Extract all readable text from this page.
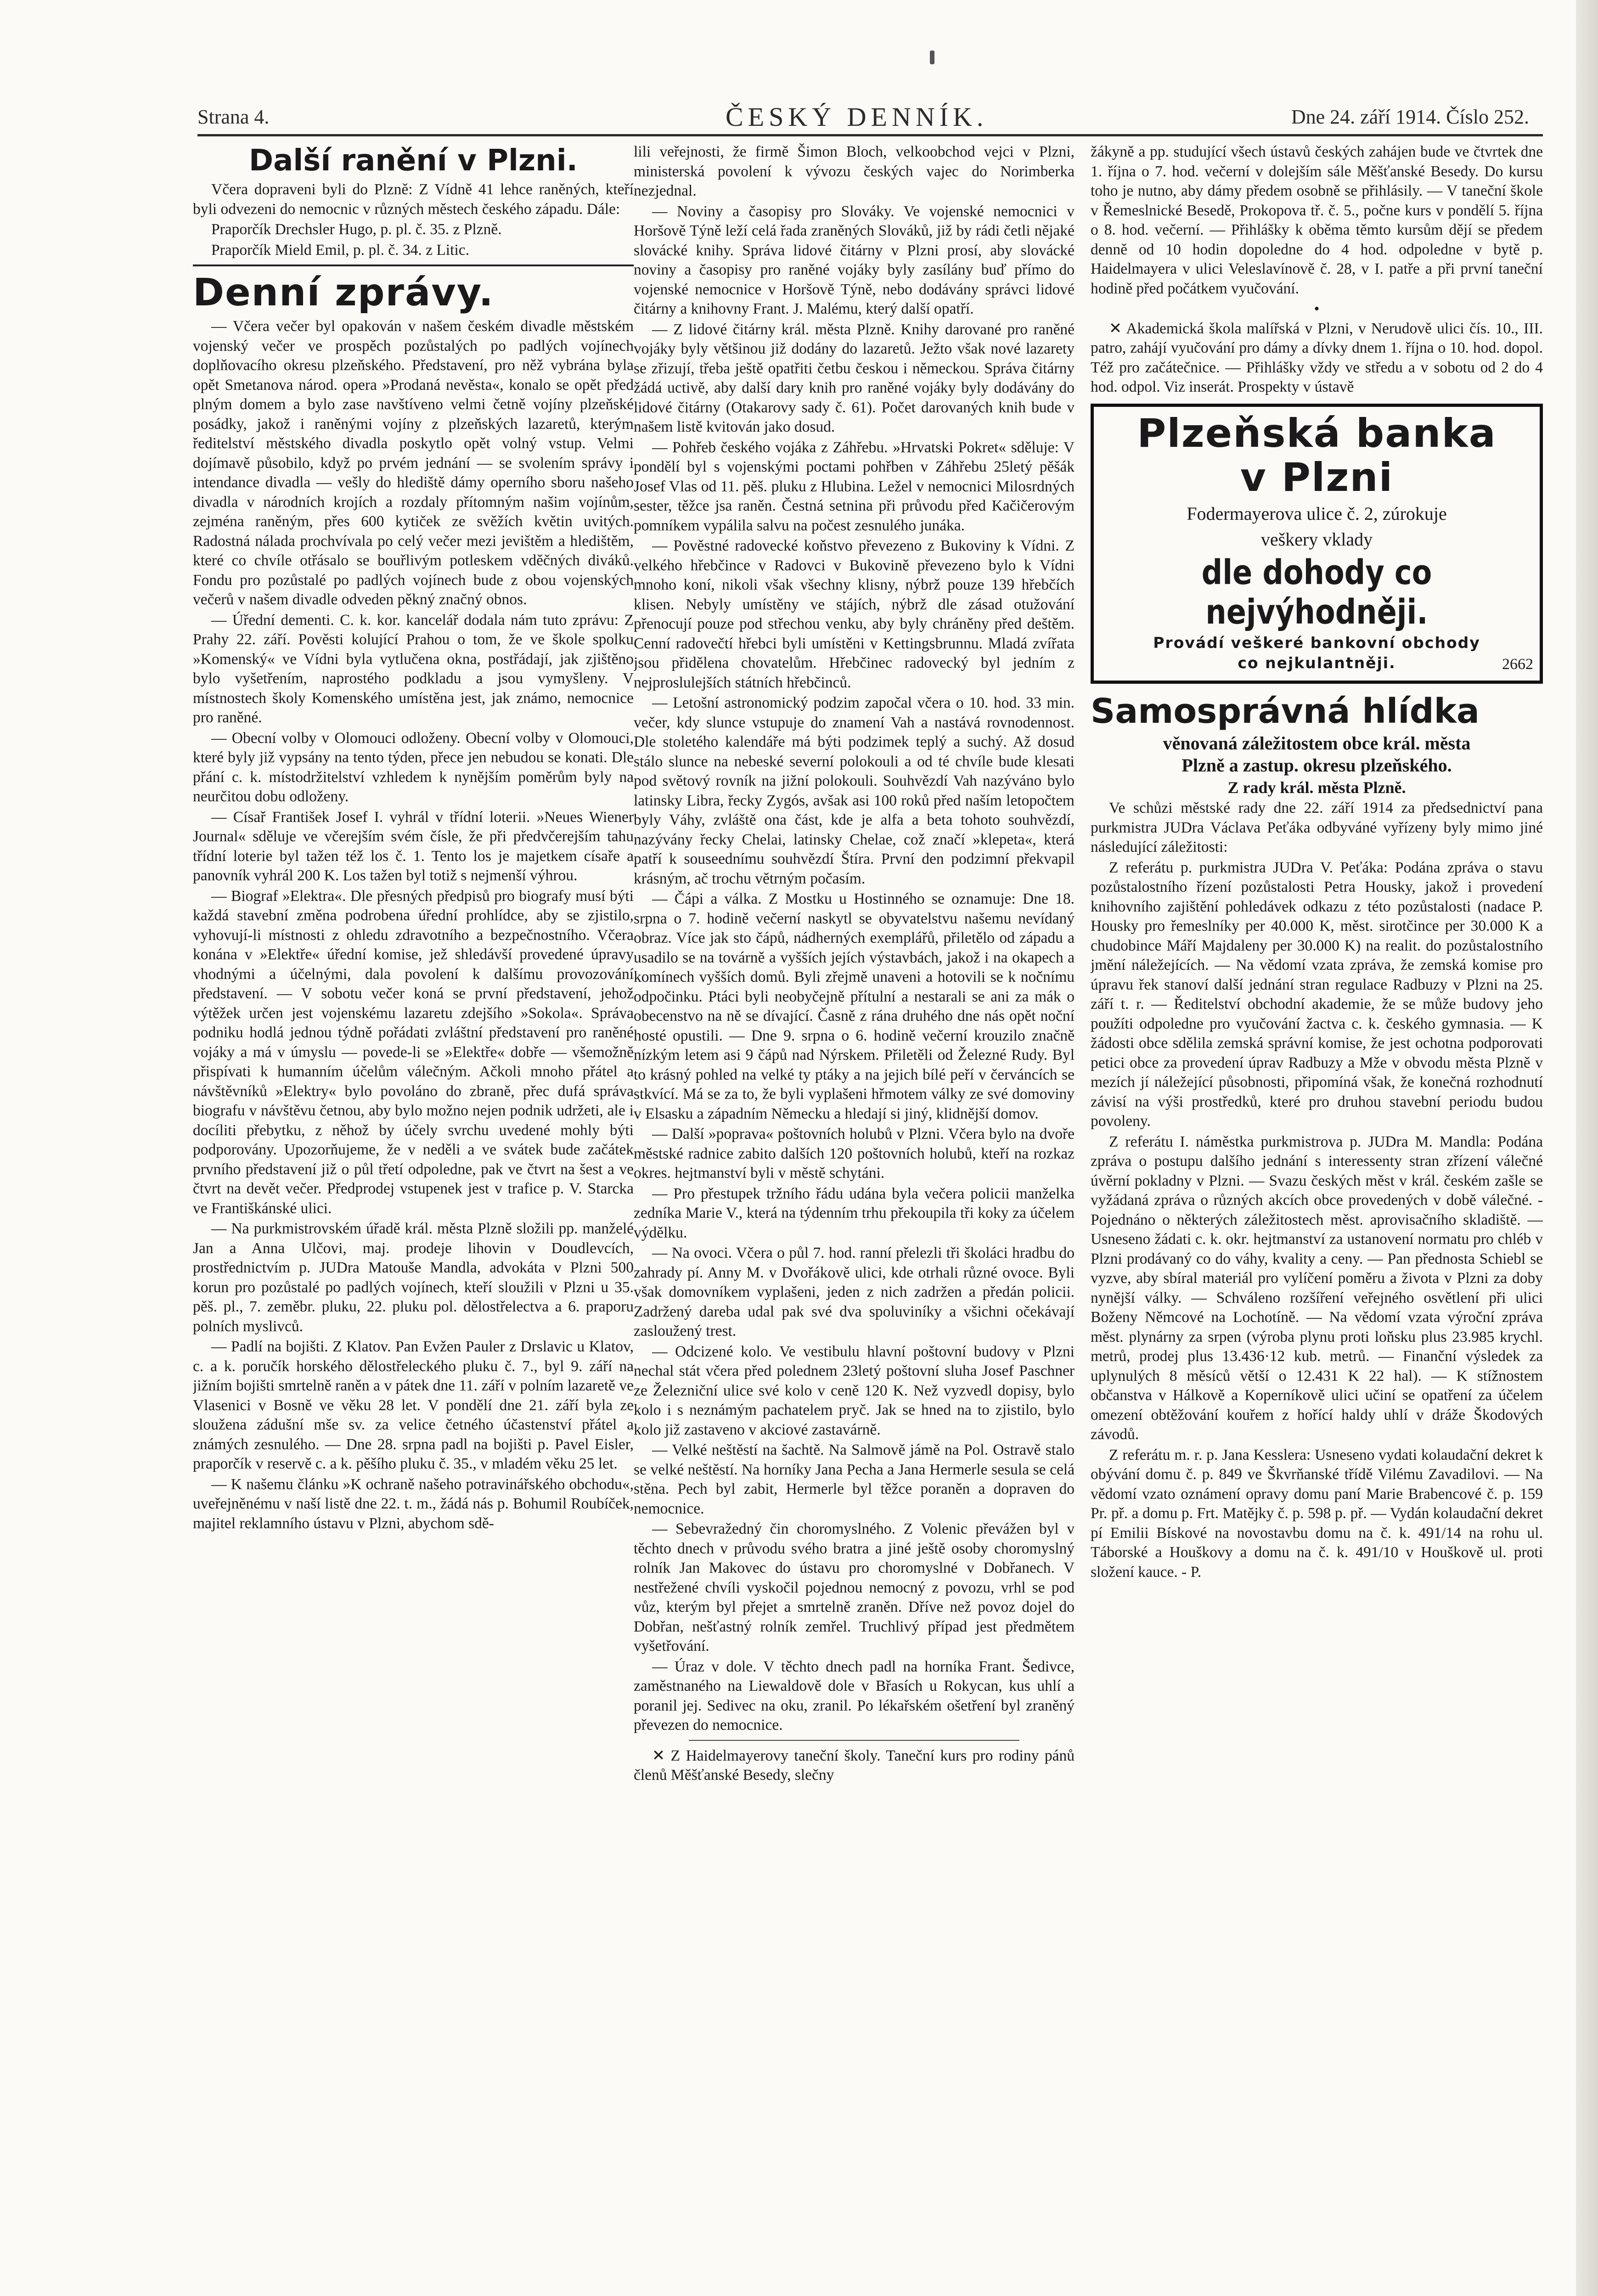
Strana 4.	ČESKÝ DENNÍK.	Dne 24. září 1914. Číslo 252.
Další ranění v Plzni.

Včera dopraveni byli do Plzně: Z Vídně 41 lehce raněných, kteří byli odvezeni do nemocnic v různých městech českého západu. Dále:

Praporčík Drechsler Hugo, p. pl. č. 35. z Plzně.

Praporčík Mield Emil, p. pl. č. 34. z Litic.

Denní zprávy.

— Včera večer byl opakován v našem českém divadle městském vojenský večer ve prospěch pozůstalých po padlých vojínech doplňovacího okresu plzeňského. Představení, pro něž vybrána byla opět Smetanova národ. opera »Prodaná nevěsta«, konalo se opět před plným domem a bylo zase navštíveno velmi četně vojíny plzeňské posádky, jakož i raněnými vojíny z plzeňských lazaretů, kterým ředitelství městského divadla poskytlo opět volný vstup. Velmi dojímavě působilo, když po prvém jednání — se svolením správy i intendance divadla — vešly do hlediště dámy operního sboru našeho divadla v národních krojích a rozdaly přítomným našim vojínům, zejména raněným, přes 600 kytiček ze svěžích květin uvitých. Radostná nálada prochvívala po celý večer mezi jevištěm a hledištěm, které co chvíle otřásalo se bouřlivým potleskem vděčných diváků. Fondu pro pozůstalé po padlých vojínech bude z obou vojenských večerů v našem divadle odveden pěkný značný obnos.

— Úřední dementi. C. k. kor. kancelář dodala nám tuto zprávu: Z Prahy 22. září. Pověsti kolující Prahou o tom, že ve škole spolku »Komenský« ve Vídni byla vytlučena okna, postřádají, jak zjištěno bylo vyšetřením, naprostého podkladu a jsou vymyšleny. V místnostech školy Komenského umístěna jest, jak známo, nemocnice pro raněné.

— Obecní volby v Olomouci odloženy. Obecní volby v Olomouci, které byly již vypsány na tento týden, přece jen nebudou se konati. Dle přání c. k. místodržitelství vzhledem k nynějším poměrům byly na neurčitou dobu odloženy.

— Císař František Josef I. vyhrál v třídní loterii. »Neues Wiener Journal« sděluje ve včerejším svém čísle, že při předvčerejším tahu třídní loterie byl tažen též los č. 1. Tento los je majetkem císaře a panovník vyhrál 200 K. Los tažen byl totiž s nejmenší výhrou.

— Biograf »Elektra«. Dle přesných předpisů pro biografy musí býti každá stavební změna podrobena úřední prohlídce, aby se zjistilo, vyhovují-li místnosti z ohledu zdravotního a bezpečnostního. Včera konána v »Elektře« úřední komise, jež shledávší provedené úpravy vhodnými a účelnými, dala povolení k dalšímu provozování představení. — V sobotu večer koná se první představení, jehož výtěžek určen jest vojenskému lazaretu zdejšího »Sokola«. Správa podniku hodlá jednou týdně pořádati zvláštní představení pro raněné vojáky a má v úmyslu — povede-li se »Elektře« dobře — všemožně přispívati k humanním účelům válečným. Ačkoli mnoho přátel a návštěvníků »Elektry« bylo povoláno do zbraně, přec dufá správa biografu v návštěvu četnou, aby bylo možno nejen podnik udržeti, ale i docíliti přebytku, z něhož by účely svrchu uvedené mohly býti podporovány. Upozorňujeme, že v neděli a ve svátek bude začátek prvního představení již o půl třetí odpoledne, pak ve čtvrt na šest a ve čtvrt na devět večer. Předprodej vstupenek jest v trafice p. V. Starcka ve Františkánské ulici.

— Na purkmistrovském úřadě král. města Plzně složili pp. manželé Jan a Anna Ulčovi, maj. prodeje lihovin v Doudlevcích, prostřednictvím p. JUDra Matouše Mandla, advokáta v Plzni 500 korun pro pozůstalé po padlých vojínech, kteří sloužili v Plzni u 35. pěš. pl., 7. zeměbr. pluku, 22. pluku pol. dělostřelectva a 6. praporu polních myslivců.

— Padlí na bojišti. Z Klatov. Pan Evžen Pauler z Drslavic u Klatov, c. a k. poručík horského dělostřeleckého pluku č. 7., byl 9. září na jižním bojišti smrtelně raněn a v pátek dne 11. září v polním lazaretě ve Vlasenici v Bosně ve věku 28 let. V pondělí dne 21. září byla ze sloužena zádušní mše sv. za velice četného účastenství přátel a známých zesnulého. — Dne 28. srpna padl na bojišti p. Pavel Eisler, praporčík v reservě c. a k. pěšího pluku č. 35., v mladém věku 25 let.

— K našemu článku »K ochraně našeho potravinářského obchodu«, uveřejněnému v naší listě dne 22. t. m., žádá nás p. Bohumil Roubíček, majitel reklamního ústavu v Plzni, abychom sdě-

lili veřejnosti, že firmě Šimon Bloch, velkoobchod vejci v Plzni, ministerská povolení k vývozu českých vajec do Norimberka nezjednal.

— Noviny a časopisy pro Slováky. Ve vojenské nemocnici v Horšově Týně leží celá řada zraněných Slováků, již by rádi četli nějaké slovácké knihy. Správa lidové čitárny v Plzni prosí, aby slovácké noviny a časopisy pro raněné vojáky byly zasílány buď přímo do vojenské nemocnice v Horšově Týně, nebo dodávány správci lidové čitárny a knihovny Frant. J. Malému, který další opatří.

— Z lidové čitárny král. města Plzně. Knihy darované pro raněné vojáky byly většinou již dodány do lazaretů. Ježto však nové lazarety se zřizují, třeba ještě opatřiti četbu českou i německou. Správa čitárny žádá uctivě, aby další dary knih pro raněné vojáky byly dodávány do lidové čitárny (Otakarovy sady č. 61). Počet darovaných knih bude v našem listě kvitován jako dosud.

— Pohřeb českého vojáka z Záhřebu. »Hrvatski Pokret« sděluje: V pondělí byl s vojenskými poctami pohřben v Záhřebu 25letý pěšák Josef Vlas od 11. pěš. pluku z Hlubina. Ležel v nemocnici Milosrdných sester, těžce jsa raněn. Čestná setnina při průvodu před Kačičerovým pomníkem vypálila salvu na počest zesnulého junáka.

— Pověstné radovecké koňstvo převezeno z Bukoviny k Vídni. Z velkého hřebčince v Radovci v Bukovině převezeno bylo k Vídni mnoho koní, nikoli však všechny klisny, nýbrž pouze 139 hřebčích klisen. Nebyly umístěny ve stájích, nýbrž dle zásad otužování přenocují pouze pod střechou venku, aby byly chráněny před deštěm. Cenní radovečtí hřebci byli umístěni v Kettingsbrunnu. Mladá zvířata jsou přidělena chovatelům. Hřebčinec radovecký byl jedním z nejproslulejších státních hřebčinců.

— Letošní astronomický podzim započal včera o 10. hod. 33 min. večer, kdy slunce vstupuje do znamení Vah a nastává rovnodennost. Dle stoletého kalendáře má býti podzimek teplý a suchý. Až dosud stálo slunce na nebeské severní polokouli a od té chvíle bude klesati pod světový rovník na jižní polokouli. Souhvězdí Vah nazýváno bylo latinsky Libra, řecky Zygós, avšak asi 100 roků před naším letopočtem byly Váhy, zvláště ona část, kde je alfa a beta tohoto souhvězdí, nazývány řecky Chelai, latinsky Chelae, což značí »klepeta«, která patří k souseednímu souhvězdí Štíra. První den podzimní překvapil krásným, ač trochu větrným počasím.

— Čápi a válka. Z Mostku u Hostinného se oznamuje: Dne 18. srpna o 7. hodině večerní naskytl se obyvatelstvu našemu nevídaný obraz. Více jak sto čápů, nádherných exemplářů, přiletělo od západu a usadilo se na továrně a vyšších jejích výstavbách, jakož i na okapech a komínech vyšších domů. Byli zřejmě unaveni a hotovili se k nočnímu odpočinku. Ptáci byli neobyčejně přítulní a nestarali se ani za mák o obecenstvo na ně se dívající. Časně z rána druhého dne nás opět noční hosté opustili. — Dne 9. srpna o 6. hodině večerní krouzilo značně nízkým letem asi 9 čápů nad Nýrskem. Přiletěli od Železné Rudy. Byl to krásný pohled na velké ty ptáky a na jejich bílé peří v červáncích se stkvící. Má se za to, že byli vyplašeni hřmotem války ze své domoviny v Elsasku a západním Německu a hledají si jiný, klidnější domov.

— Další »poprava« poštovních holubů v Plzni. Včera bylo na dvoře městské radnice zabito dalších 120 poštovních holubů, kteří na rozkaz okres. hejtmanství byli v městě schytáni.

— Pro přestupek tržního řádu udána byla večera policii manželka zedníka Marie V., která na týdenním trhu překoupila tři koky za účelem výdělku.

— Na ovoci. Včera o půl 7. hod. ranní přelezli tři školáci hradbu do zahrady pí. Anny M. v Dvořákově ulici, kde otrhali různé ovoce. Byli však domovníkem vyplašeni, jeden z nich zadržen a předán policii. Zadržený dareba udal pak své dva spoluviníky a všichni očekávají zasloužený trest.

— Odcizené kolo. Ve vestibulu hlavní poštovní budovy v Plzni nechal stát včera před polednem 23letý poštovní sluha Josef Paschner ze Železniční ulice své kolo v ceně 120 K. Než vyzvedl dopisy, bylo kolo i s neznámým pachatelem pryč. Jak se hned na to zjistilo, bylo kolo již zastaveno v akciové zastavárně.

— Velké neštěstí na šachtě. Na Salmově jámě na Pol. Ostravě stalo se velké neštěstí. Na horníky Jana Pecha a Jana Hermerle sesula se celá stěna. Pech byl zabit, Hermerle byl těžce poraněn a dopraven do nemocnice.

— Sebevražedný čin choromyslného. Z Volenic převážen byl v těchto dnech v průvodu svého bratra a jiné ještě osoby choromyslný rolník Jan Makovec do ústavu pro choromyslné v Dobřanech. V nestřežené chvíli vyskočil pojednou nemocný z povozu, vrhl se pod vůz, kterým byl přejet a smrtelně zraněn. Dříve než povoz dojel do Dobřan, nešťastný rolník zemřel. Truchlivý případ jest předmětem vyšetřování.

— Úraz v dole. V těchto dnech padl na horníka Frant. Šedivce, zaměstnaného na Liewaldově dole v Břasích u Rokycan, kus uhlí a poranil jej. Sedivec na oku, zranil. Po lékařském ošetření byl zraněný převezen do nemocnice.

✕ Z Haidelmayerovy taneční školy. Taneční kurs pro rodiny pánů členů Měšťanské Besedy, slečny

žákyně a pp. studující všech ústavů českých zahájen bude ve čtvrtek dne 1. října o 7. hod. večerní v dolejším sále Měšťanské Besedy. Do kursu toho je nutno, aby dámy předem osobně se přihlásily. — V taneční škole v Řemeslnické Besedě, Prokopova tř. č. 5., počne kurs v pondělí 5. října o 8. hod. večerní. — Přihlášky k oběma těmto kursům dějí se předem denně od 10 hodin dopoledne do 4 hod. odpoledne v bytě p. Haidelmayera v ulici Veleslavínově č. 28, v I. patře a při první taneční hodině před počátkem vyučování.

•

✕ Akademická škola malířská v Plzni, v Nerudově ulici čís. 10., III. patro, zahájí vyučování pro dámy a dívky dnem 1. října o 10. hod. dopol. Též pro začátečnice. — Přihlášky vždy ve středu a v sobotu od 2 do 4 hod. odpol. Viz inserát. Prospekty v ústavě

Plzeňská banka
v Plzni
Fodermayerova ulice č. 2, zúrokuje
veškery vklady
dle dohody co nejvýhodněji.
Provádí veškeré bankovní obchody
co nejkulantněji.	2662
Samosprávná hlídka
věnovaná záležitostem obce král. města
Plzně a zastup. okresu plzeňského.
Z rady král. města Plzně.

Ve schůzi městské rady dne 22. září 1914 za předsednictví pana purkmistra JUDra Václava Peťáka odbyváné vyřízeny byly mimo jiné následující záležitosti:

Z referátu p. purkmistra JUDra V. Peťáka: Podána zpráva o stavu pozůstalostního řízení pozůstalosti Petra Housky, jakož i provedení knihovního zajištění pohledávek odkazu z této pozůstalosti (nadace P. Housky pro řemeslníky per 40.000 K, měst. sirotčince per 30.000 K a chudobince Máří Majdaleny per 30.000 K) na realit. do pozůstalostního jmění náležejících. — Na vědomí vzata zpráva, že zemská komise pro úpravu řek stanoví další jednání stran regulace Radbuzy v Plzni na 25. září t. r. — Ředitelství obchodní akademie, že se může budovy jeho použíti odpoledne pro vyučování žactva c. k. českého gymnasia. — K žádosti obce sdělila zemská správní komise, že jest ochotna podporovati petici obce za provedení úprav Radbuzy a Mže v obvodu města Plzně v mezích jí náležející působnosti, připomíná však, že konečná rozhodnutí závisí na výši prostředků, které pro druhou stavební periodu budou povoleny.

Z referátu I. náměstka purkmistrova p. JUDra M. Mandla: Podána zpráva o postupu dalšího jednání s interessenty stran zřízení válečné úvěrní pokladny v Plzni. — Svazu českých měst v král. českém zašle se vyžádaná zpráva o různých akcích obce provedených v době válečné. - Pojednáno o některých záležitostech měst. aprovisačního skladiště. — Usneseno žádati c. k. okr. hejtmanství za ustanovení normatu pro chléb v Plzni prodávaný co do váhy, kvality a ceny. — Pan přednosta Schiebl se vyzve, aby sbíral materiál pro vylíčení poměru a života v Plzni za doby nynější války. — Schváleno rozšíření veřejného osvětlení při ulici Boženy Němcové na Lochotíně. — Na vědomí vzata výroční zpráva měst. plynárny za srpen (výroba plynu proti loňsku plus 23.985 krychl. metrů, prodej plus 13.436·12 kub. metrů. — Finanční výsledek za uplynulých 8 měsíců větší o 12.431 K 22 hal). — K stížnostem občanstva v Hálkově a Koperníkově ulici učiní se opatření za účelem omezení obtěžování kouřem z hořící haldy uhlí v dráže Škodových závodů.

Z referátu m. r. p. Jana Kesslera: Usneseno vydati kolaudační dekret k obývání domu č. p. 849 ve Škvrňanské třídě Vilému Zavadilovi. — Na vědomí vzato oznámení opravy domu paní Marie Brabencové č. p. 159 Pr. př. a domu p. Frt. Matějky č. p. 598 p. př. — Vydán kolaudační dekret pí Emilii Bískové na novostavbu domu na č. k. 491/14 na rohu ul. Táborské a Houškovy a domu na č. k. 491/10 v Houškově ul. proti složení kauce. - P.
